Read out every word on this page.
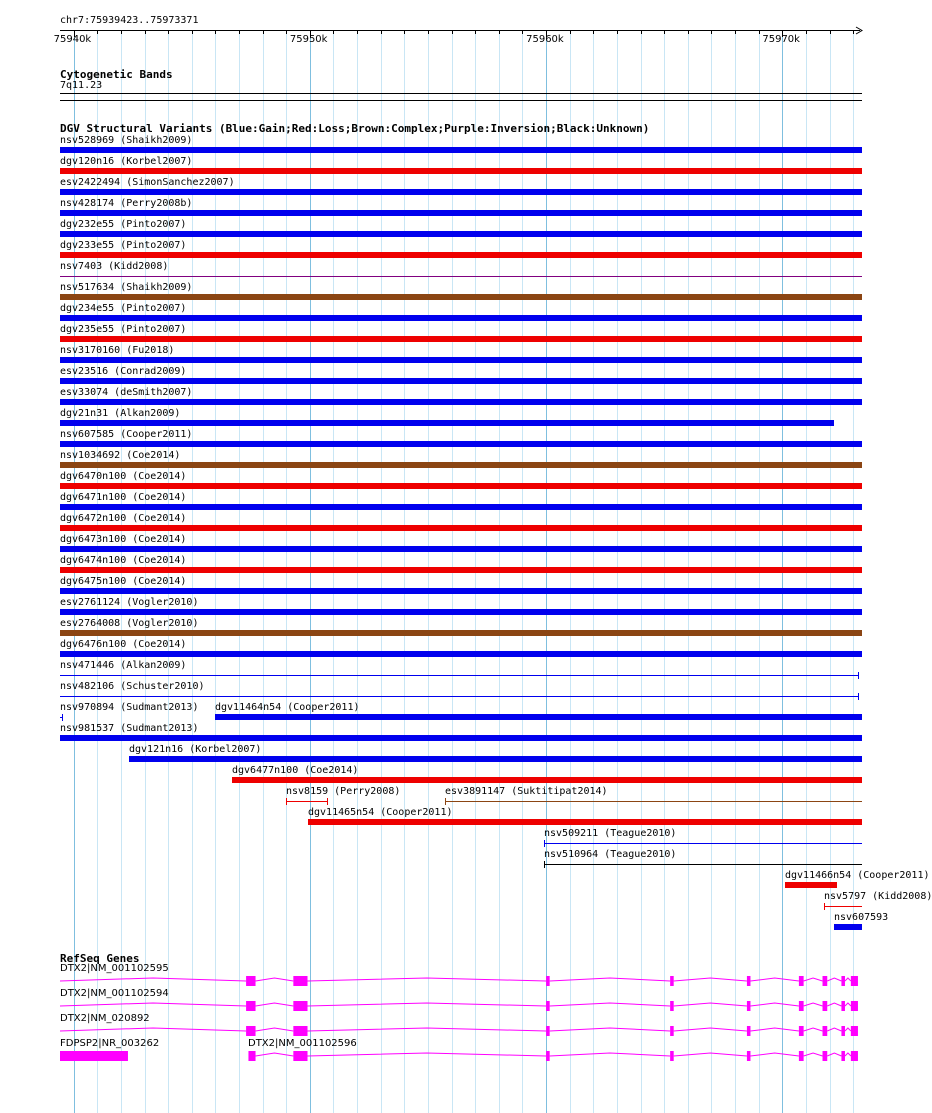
chr7:75939423..75973371
75940k	75950k	75960k	75970k
Cytogenetic Bands
7q11.23
DGV Structural Variants (Blue:Gain;Red:Loss;Brown:Complex;Purple:Inversion;Black:Unknown)
nsv528969 (Shaikh2009)
dgv120n16 (Korbel2007)
esv2422494 (SimonSanchez2007)
nsv428174 (Perry2008b)
dgv232e55 (Pinto2007)
dgv233e55 (Pinto2007)
nsv7403 (Kidd2008)
nsv517634 (Shaikh2009)
dgv234e55 (Pinto2007)
dgv235e55 (Pinto2007)
nsv3170160 (Fu2018)
esv23516 (Conrad2009)
esv33074 (deSmith2007)
dgv21n31 (Alkan2009)
nsv607585 (Cooper2011)
nsv1034692 (Coe2014)
dgv6470n100 (Coe2014)
dgv6471n100 (Coe2014)
dgv6472n100 (Coe2014)
dgv6473n100 (Coe2014)
dgv6474n100 (Coe2014)
dgv6475n100 (Coe2014)
esv2761124 (Vogler2010)
esv2764008 (Vogler2010)
dgv6476n100 (Coe2014)
nsv471446 (Alkan2009)
nsv482106 (Schuster2010)
nsv970894 (Sudmant2013) dgv11464n54 (Cooper2011)
nsv981537 (Sudmant2013)
dgv121n16 (Korbel2007)
dgv6477n100 (Coe2014)
nsv8159 (Perry2008)	esv3891147 (Suktitipat2014)
dgv11465n54 (Cooper2011)
nsv509211 (Teague2010)
nsv510964 (Teague2010)
dgv11466n54 (Cooper2011)
nsv5797 (Kidd2008)
nsv607593
RefSeq Genes
DTX2|NM_001102595
DTX2|NM_001102594
DTX2|NM_020892
FDPSP2|NR_003262	DTX2|NM_001102596
